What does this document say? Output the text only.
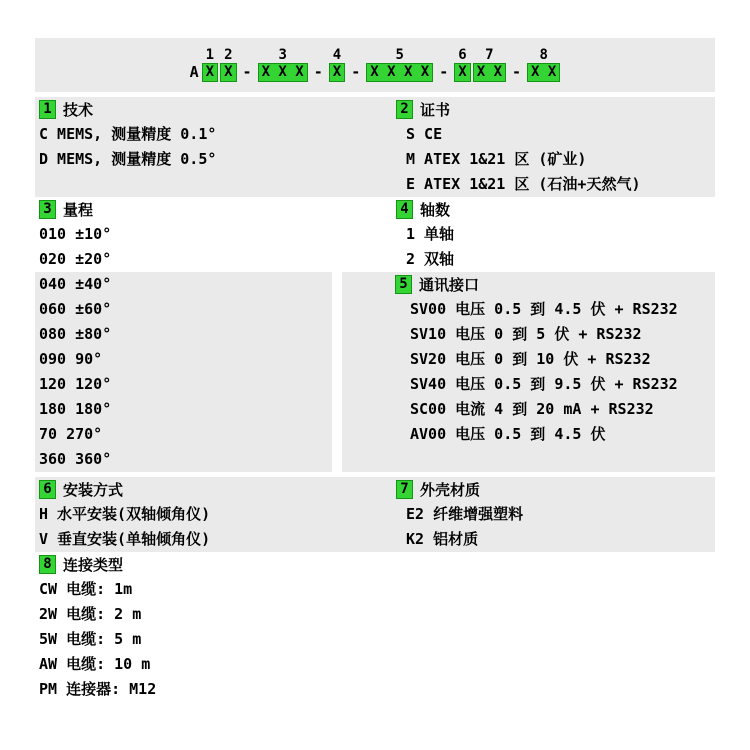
A
1
X
2
X -
3
X X X -
4
X -
5
X X X X -
6
X
7
X X -
8
X X
1 技术
C MEMS, 测量精度 0.1°
D MEMS, 测量精度 0.5°
2 证书
S CE
M ATEX 1&21 区 (矿业)
E ATEX 1&21 区 (石油+天然气)
3 量程
010 ±10°
020 ±20°
4 轴数
1 单轴
2 双轴
040 ±40°
060 ±60°
080 ±80°
090 90°
120 120°
180 180°
70 270°
360 360°
5 通讯接口
SV00 电压 0.5 到 4.5 伏 + RS232
SV10 电压 0 到 5 伏 + RS232
SV20 电压 0 到 10 伏 + RS232
SV40 电压 0.5 到 9.5 伏 + RS232
SC00 电流 4 到 20 mA + RS232
AV00 电压 0.5 到 4.5 伏
6 安装方式
H 水平安装(双轴倾角仪)
V 垂直安装(单轴倾角仪)
7 外壳材质
E2 纤维增强塑料
K2 铝材质
8 连接类型
CW 电缆: 1m
2W 电缆: 2 m
5W 电缆: 5 m
AW 电缆: 10 m
PM 连接器: M12
